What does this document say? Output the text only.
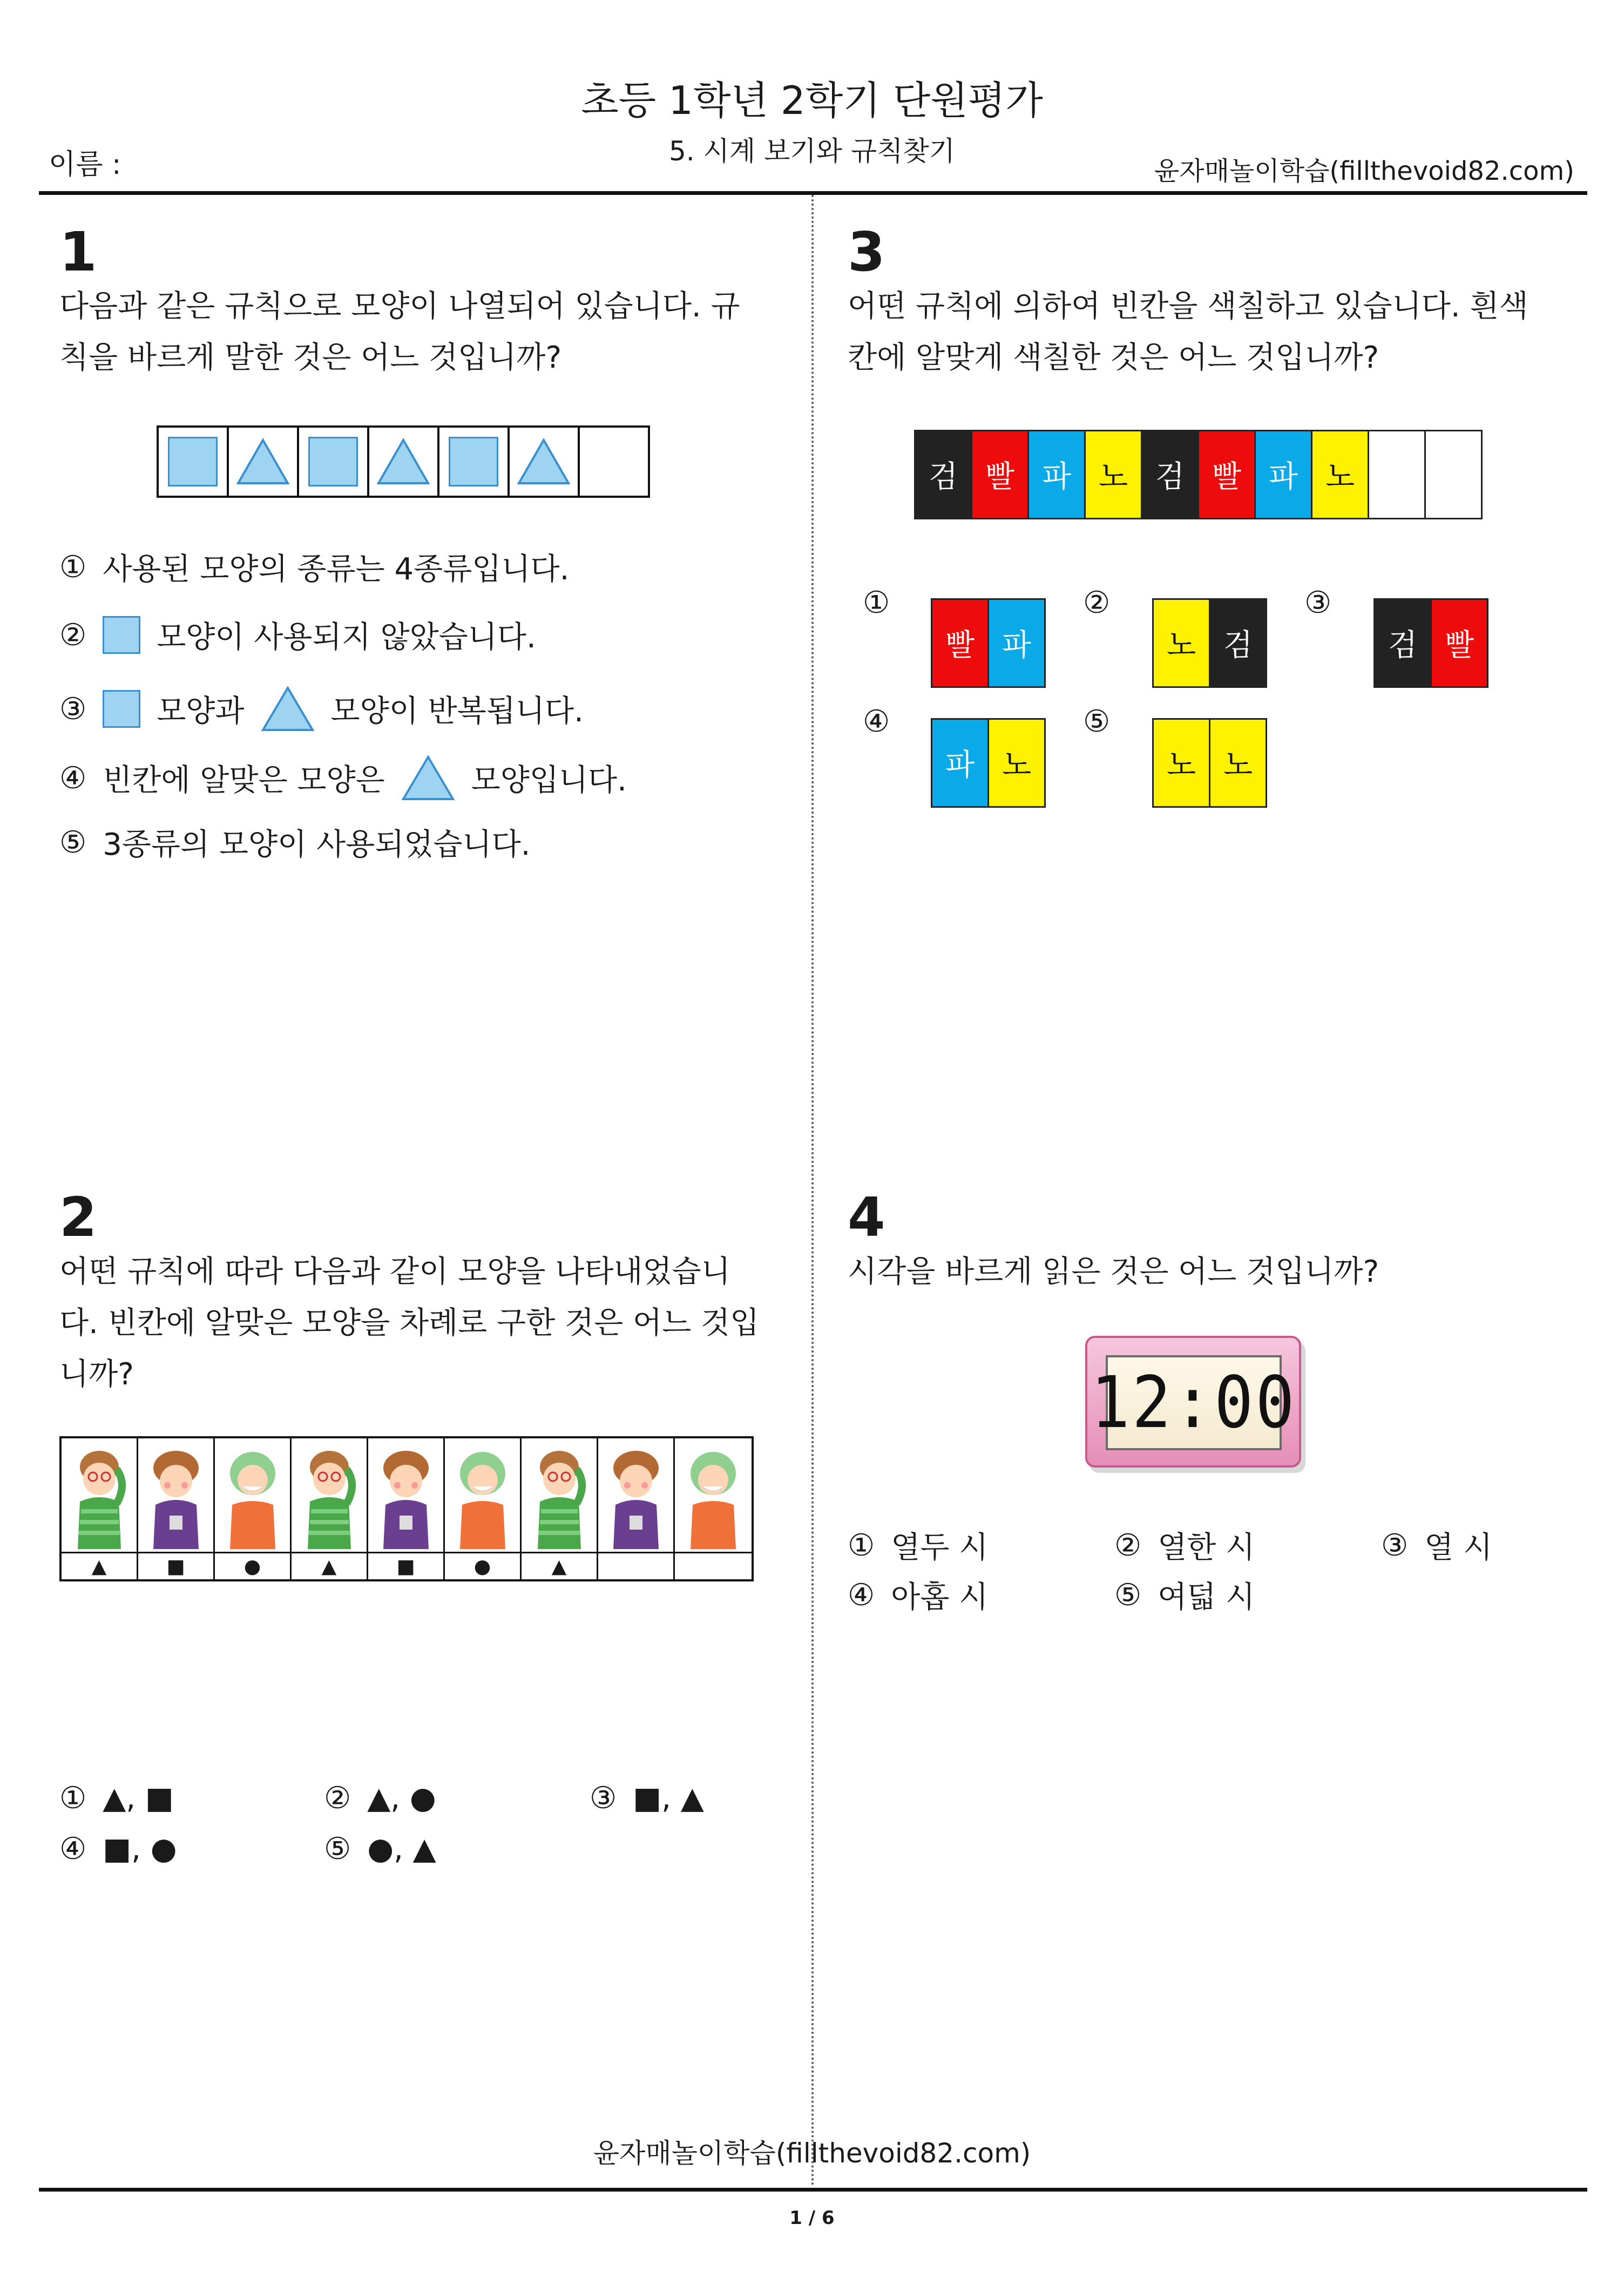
초등 1학년 2학기 단원평가
5. 시계 보기와 규칙찾기
이름 :	윤자매놀이학습(fillthevoid82.com)
1
다음과 같은 규칙으로 모양이 나열되어 있습니다. 규칙을 바르게 말한 것은 어느 것입니까?
① 사용된 모양의 종류는 4종류입니다.
② 모양이 사용되지 않았습니다.
③ 모양과	모양이 반복됩니다.
④ 빈칸에 알맞은 모양은	모양입니다.
⑤ 3종류의 모양이 사용되었습니다.
2
어떤 규칙에 따라 다음과 같이 모양을 나타내었습니다. 빈칸에 알맞은 모양을 차례로 구한 것은 어느 것입니까?
▲	■	●	▲	■	●	▲
① ▲, ■	② ▲, ●	③ ■, ▲
④ ■, ●	⑤ ●, ▲
3
어떤 규칙에 의하여 빈칸을 색칠하고 있습니다. 흰색칸에 알맞게 색칠한 것은 어느 것입니까?
검 빨 파 노 검 빨 파 노
①
빨 파
②
노 검
③
검 빨
④
파 노
⑤
노 노
4
시각을 바르게 읽은 것은 어느 것입니까?
12:00
① 열두 시	② 열한 시	③ 열 시
④ 아홉 시	⑤ 여덟 시
윤자매놀이학습(fillthevoid82.com)
1 / 6
